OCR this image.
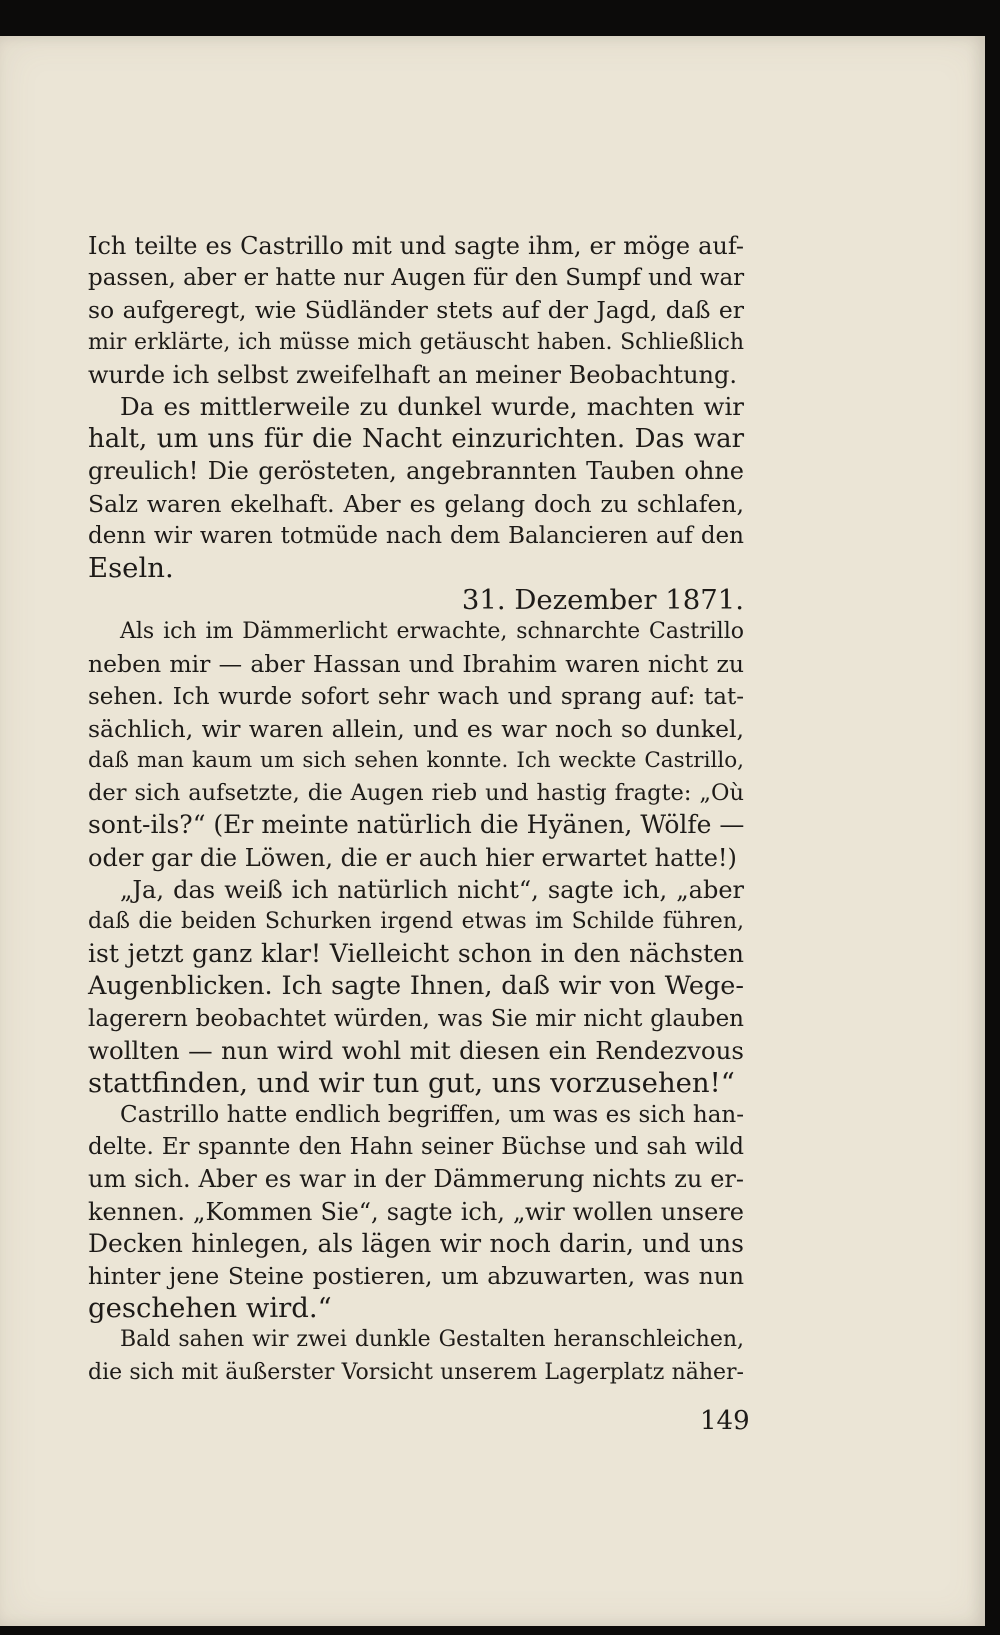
Ich teilte es Castrillo mit und sagte ihm, er möge auf-
passen, aber er hatte nur Augen für den Sumpf und war
so aufgeregt, wie Südländer stets auf der Jagd, daß er
mir erklärte, ich müsse mich getäuscht haben. Schließlich
wurde ich selbst zweifelhaft an meiner Beobachtung.
Da es mittlerweile zu dunkel wurde, machten wir
halt, um uns für die Nacht einzurichten. Das war
greulich! Die gerösteten, angebrannten Tauben ohne
Salz waren ekelhaft. Aber es gelang doch zu schlafen,
denn wir waren totmüde nach dem Balancieren auf den
Eseln.
31. Dezember 1871.
Als ich im Dämmerlicht erwachte, schnarchte Castrillo
neben mir — aber Hassan und Ibrahim waren nicht zu
sehen. Ich wurde sofort sehr wach und sprang auf: tat-
sächlich, wir waren allein, und es war noch so dunkel,
daß man kaum um sich sehen konnte. Ich weckte Castrillo,
der sich aufsetzte, die Augen rieb und hastig fragte: „Où
sont-ils?“ (Er meinte natürlich die Hyänen, Wölfe —
oder gar die Löwen, die er auch hier erwartet hatte!)
„Ja, das weiß ich natürlich nicht“, sagte ich, „aber
daß die beiden Schurken irgend etwas im Schilde führen,
ist jetzt ganz klar! Vielleicht schon in den nächsten
Augenblicken. Ich sagte Ihnen, daß wir von Wege-
lagerern beobachtet würden, was Sie mir nicht glauben
wollten — nun wird wohl mit diesen ein Rendezvous
stattfinden, und wir tun gut, uns vorzusehen!“
Castrillo hatte endlich begriffen, um was es sich han-
delte. Er spannte den Hahn seiner Büchse und sah wild
um sich. Aber es war in der Dämmerung nichts zu er-
kennen. „Kommen Sie“, sagte ich, „wir wollen unsere
Decken hinlegen, als lägen wir noch darin, und uns
hinter jene Steine postieren, um abzuwarten, was nun
geschehen wird.“
Bald sahen wir zwei dunkle Gestalten heranschleichen,
die sich mit äußerster Vorsicht unserem Lagerplatz näher-
149
